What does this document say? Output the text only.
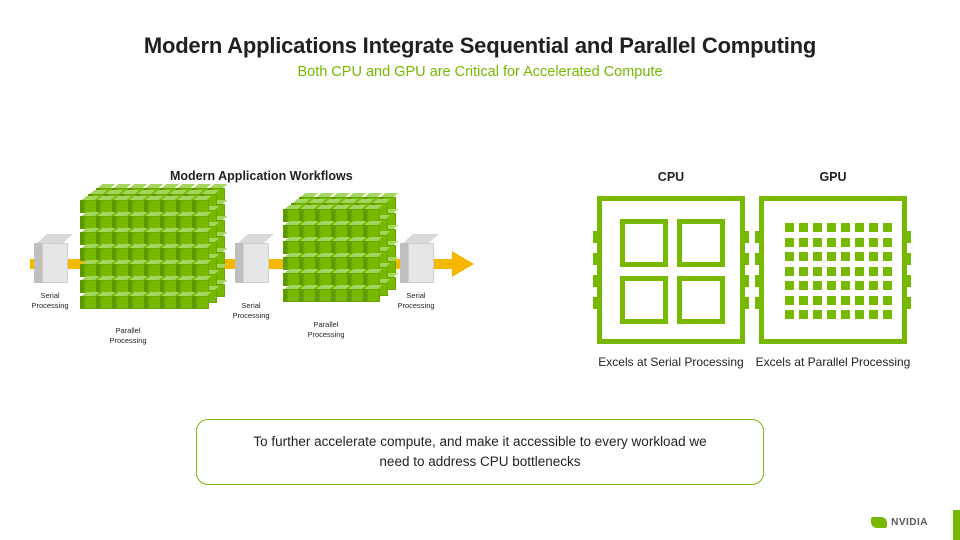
Modern Applications Integrate Sequential and Parallel Computing
Both CPU and GPU are Critical for Accelerated Compute
Modern Application Workflows
Serial
Processing
Parallel
Processing
Serial
Processing
Parallel
Processing
Serial
Processing
CPU
Excels at Serial Processing
GPU
Excels at Parallel Processing
To further accelerate compute, and make it accessible to every workload we
need to address CPU bottlenecks
NVIDIA
